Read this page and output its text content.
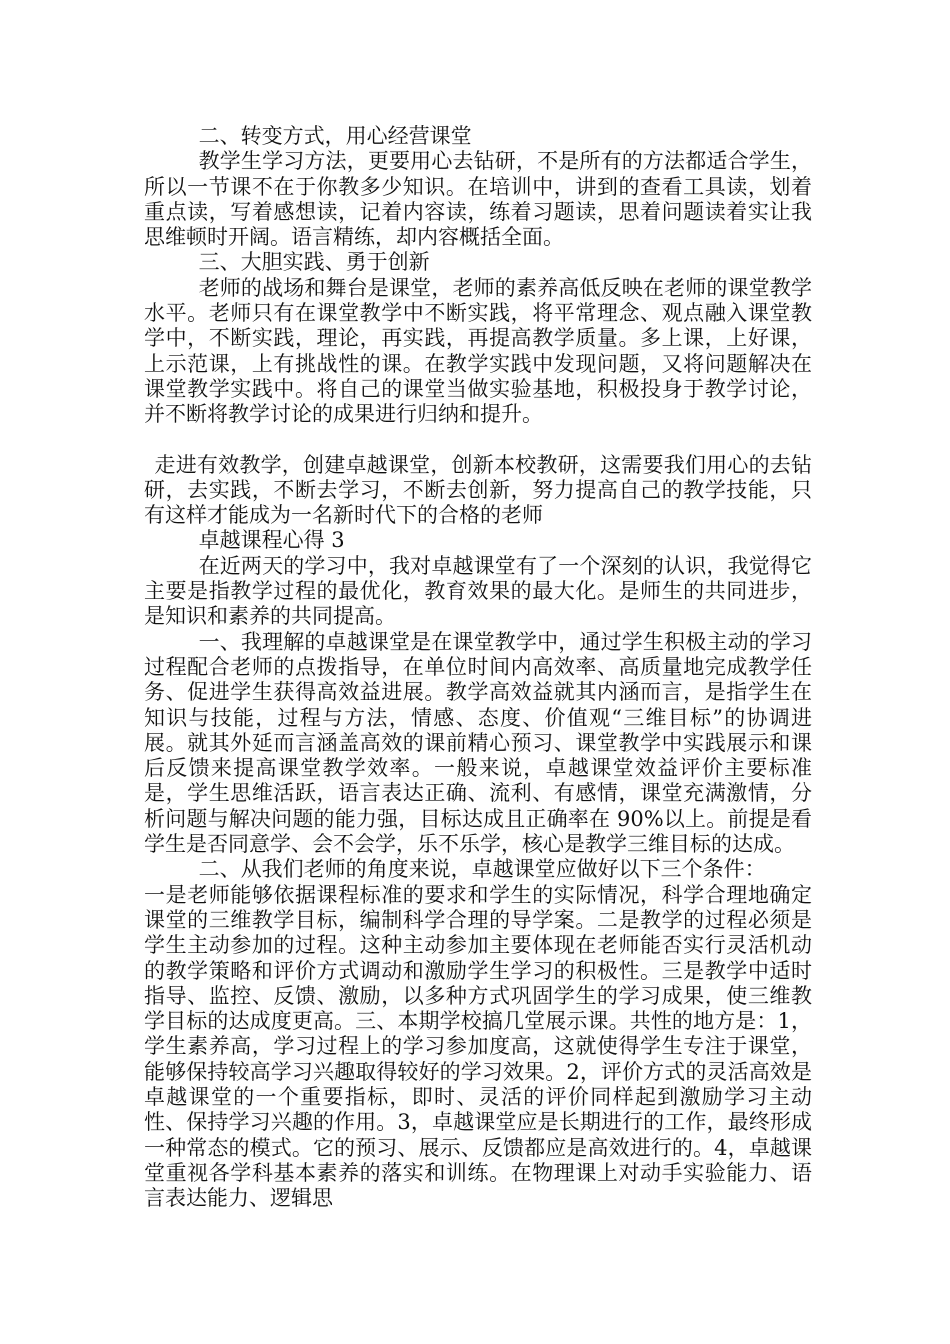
二、转变方式，用心经营课堂

教学生学习方法，更要用心去钻研，不是所有的方法都适合学生，所以一节课不在于你教多少知识。在培训中，讲到的查看工具读，划着重点读，写着感想读，记着内容读，练着习题读，思着问题读着实让我思维顿时开阔。语言精练，却内容概括全面。

三、大胆实践、勇于创新

老师的战场和舞台是课堂，老师的素养高低反映在老师的课堂教学水平。老师只有在课堂教学中不断实践，将平常理念、观点融入课堂教学中，不断实践，理论，再实践，再提高教学质量。多上课，上好课，上示范课，上有挑战性的课。在教学实践中发现问题，又将问题解决在课堂教学实践中。将自己的课堂当做实验基地，积极投身于教学讨论，并不断将教学讨论的成果进行归纳和提升。

走进有效教学，创建卓越课堂，创新本校教研，这需要我们用心的去钻研，去实践，不断去学习，不断去创新，努力提高自己的教学技能，只有这样才能成为一名新时代下的合格的老师

卓越课程心得 3

在近两天的学习中，我对卓越课堂有了一个深刻的认识，我觉得它主要是指教学过程的最优化，教育效果的最大化。是师生的共同进步，是知识和素养的共同提高。

一、我理解的卓越课堂是在课堂教学中，通过学生积极主动的学习过程配合老师的点拨指导，在单位时间内高效率、高质量地完成教学任务、促进学生获得高效益进展。教学高效益就其内涵而言，是指学生在知识与技能，过程与方法，情感、态度、价值观“三维目标”的协调进展。就其外延而言涵盖高效的课前精心预习、课堂教学中实践展示和课后反馈来提高课堂教学效率。一般来说，卓越课堂效益评价主要标准是，学生思维活跃，语言表达正确、流利、有感情，课堂充满激情，分析问题与解决问题的能力强，目标达成且正确率在 90%以上。前提是看学生是否同意学、会不会学，乐不乐学，核心是教学三维目标的达成。

二、从我们老师的角度来说，卓越课堂应做好以下三个条件：

一是老师能够依据课程标准的要求和学生的实际情况，科学合理地确定课堂的三维教学目标，编制科学合理的导学案。二是教学的过程必须是学生主动参加的过程。这种主动参加主要体现在老师能否实行灵活机动的教学策略和评价方式调动和激励学生学习的积极性。三是教学中适时指导、监控、反馈、激励，以多种方式巩固学生的学习成果，使三维教学目标的达成度更高。三、本期学校搞几堂展示课。共性的地方是：1，学生素养高，学习过程上的学习参加度高，这就使得学生专注于课堂，能够保持较高学习兴趣取得较好的学习效果。2，评价方式的灵活高效是卓越课堂的一个重要指标，即时、灵活的评价同样起到激励学习主动性、保持学习兴趣的作用。3，卓越课堂应是长期进行的工作，最终形成一种常态的模式。它的预习、展示、反馈都应是高效进行的。4，卓越课堂重视各学科基本素养的落实和训练。在物理课上对动手实验能力、语言表达能力、逻辑思
